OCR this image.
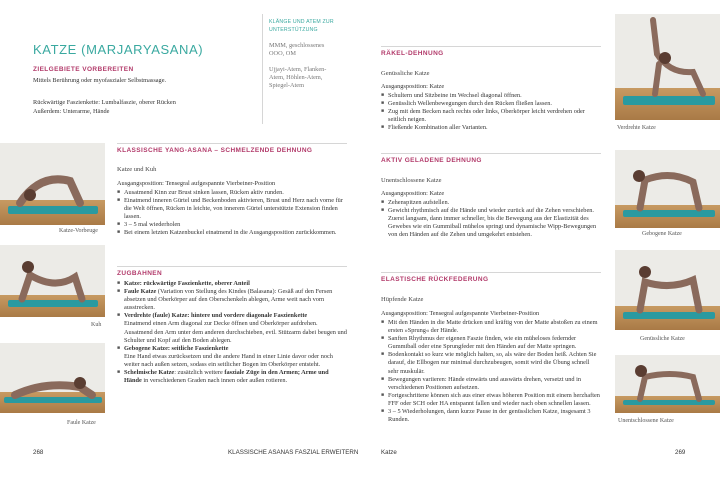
KATZE (MARJARYASANA)
ZIELGEBIETE VORBEREITEN

Mittels Berührung oder myofaszialer Selbstmassage.

Rückwärtige Faszienkette: Lumbalfaszie, oberer Rücken

Außerdem: Unterarme, Hände

KLÄNGE UND ATEM ZUR
UNTERSTÜTZUNG

MMM, geschlossenes

OOO, OM

Ujjayi-Atem, Flanken-

Atem, Höhlen-Atem,

Spiegel-Atem

Katze-Vorbeuge
Kuh
Faule Katze
KLASSISCHE YANG-ASANA – SCHMELZENDE DEHNUNG

Katze und Kuh

Ausgangsposition: Tensegral aufgespannte Vierbeiner-Position

■ Ausatmend Kinn zur Brust sinken lassen, Rücken aktiv runden.
■ Einatmend inneren Gürtel und Beckenboden aktivieren, Brust und Herz nach vorne für die Welt öffnen, Rücken in leichte, von innerem Gürtel unterstützte Extension finden lassen.
■ 3 – 5 mal wiederholen
■ Bei einem letzten Katzenbuckel einatmend in die Ausgangsposition zurückkommen.
ZUGBAHNEN
■ Katze: rückwärtige Faszienkette, oberer Anteil
■ Faule Katze (Variation von Stellung des Kindes (Balasana): Gesäß auf den Fersen absetzen und Oberkörper auf den Oberschenkeln ablegen, Arme weit nach vorn ausstrecken.
■ Verdrehte (faule) Katze: hintere und vordere diagonale Faszienkette
Einatmend einen Arm diagonal zur Decke öffnen und Oberkörper aufdrehen. Ausatmend den Arm unter dem anderen durchschieben, evtl. Stützarm dabei beugen und Schulter und Kopf auf den Boden ablegen.
■ Gebogene Katze: seitliche Faszienkette
Eine Hand etwas zurücksetzen und die andere Hand in einer Linie davor oder noch weiter nach außen setzen, sodass ein seitlicher Bogen im Oberkörper entsteht.
■ Schelmische Katze: zusätzlich weitere fasziale Züge in den Armen; Arme und Hände in verschiedenen Graden nach innen oder außen rotieren.
268	KLASSISCHE ASANAS FASZIAL ERWEITERN
RÄKEL-DEHNUNG

Genüssliche Katze

Ausgangsposition: Katze

■ Schultern und Sitzbeine im Wechsel diagonal öffnen.
■ Genüsslich Wellenbewegungen durch den Rücken fließen lassen.
■ Zug mit dem Becken nach rechts oder links, Oberkörper leicht verdrehen oder seitlich neigen.
■ Fließende Kombination aller Varianten.
AKTIV GELADENE DEHNUNG

Unentschlossene Katze

Ausgangsposition: Katze

■ Zehenspitzen aufstellen.
■ Gewicht rhythmisch auf die Hände und wieder zurück auf die Zehen verschieben. Zuerst langsam, dann immer schneller, bis die Bewegung aus der Elastizität des Gewebes wie ein Gummiball mühelos springt und dynamische Wipp-Bewegungen von den Händen auf die Zehen und umgekehrt entstehen.
ELASTISCHE RÜCKFEDERUNG

Hüpfende Katze

Ausgangsposition: Tensegral aufgespannte Vierbeiner-Position

■ Mit den Händen in die Matte drücken und kräftig von der Matte abstoßen zu einem ersten »Sprung« der Hände.
■ Sanften Rhythmus der eigenen Faszie finden, wie ein müheloses federnder Gummiball oder eine Sprungfeder mit den Händen auf der Matte springen.
■ Bodenkontakt so kurz wie möglich halten, so, als wäre der Boden heiß. Achten Sie darauf, die Ellbogen nur minimal durchzubeugen, somit wird die Übung schnell sehr muskulär.
■ Bewegungen variieren: Hände einwärts und auswärts drehen, versetzt und in verschiedenen Positionen aufsetzen.
■ Fortgeschrittene können sich aus einer etwas höheren Position mit einem herzhaften FFF oder SCH oder HA entspannt fallen und wieder nach oben schnellen lassen.
■ 3 – 5 Wiederholungen, dann kurze Pause in der genüsslichen Katze, insgesamt 3 Runden.
Verdrehte Katze
Gebogene Katze
Genüssliche Katze
Unentschlossene Katze
Katze	269
